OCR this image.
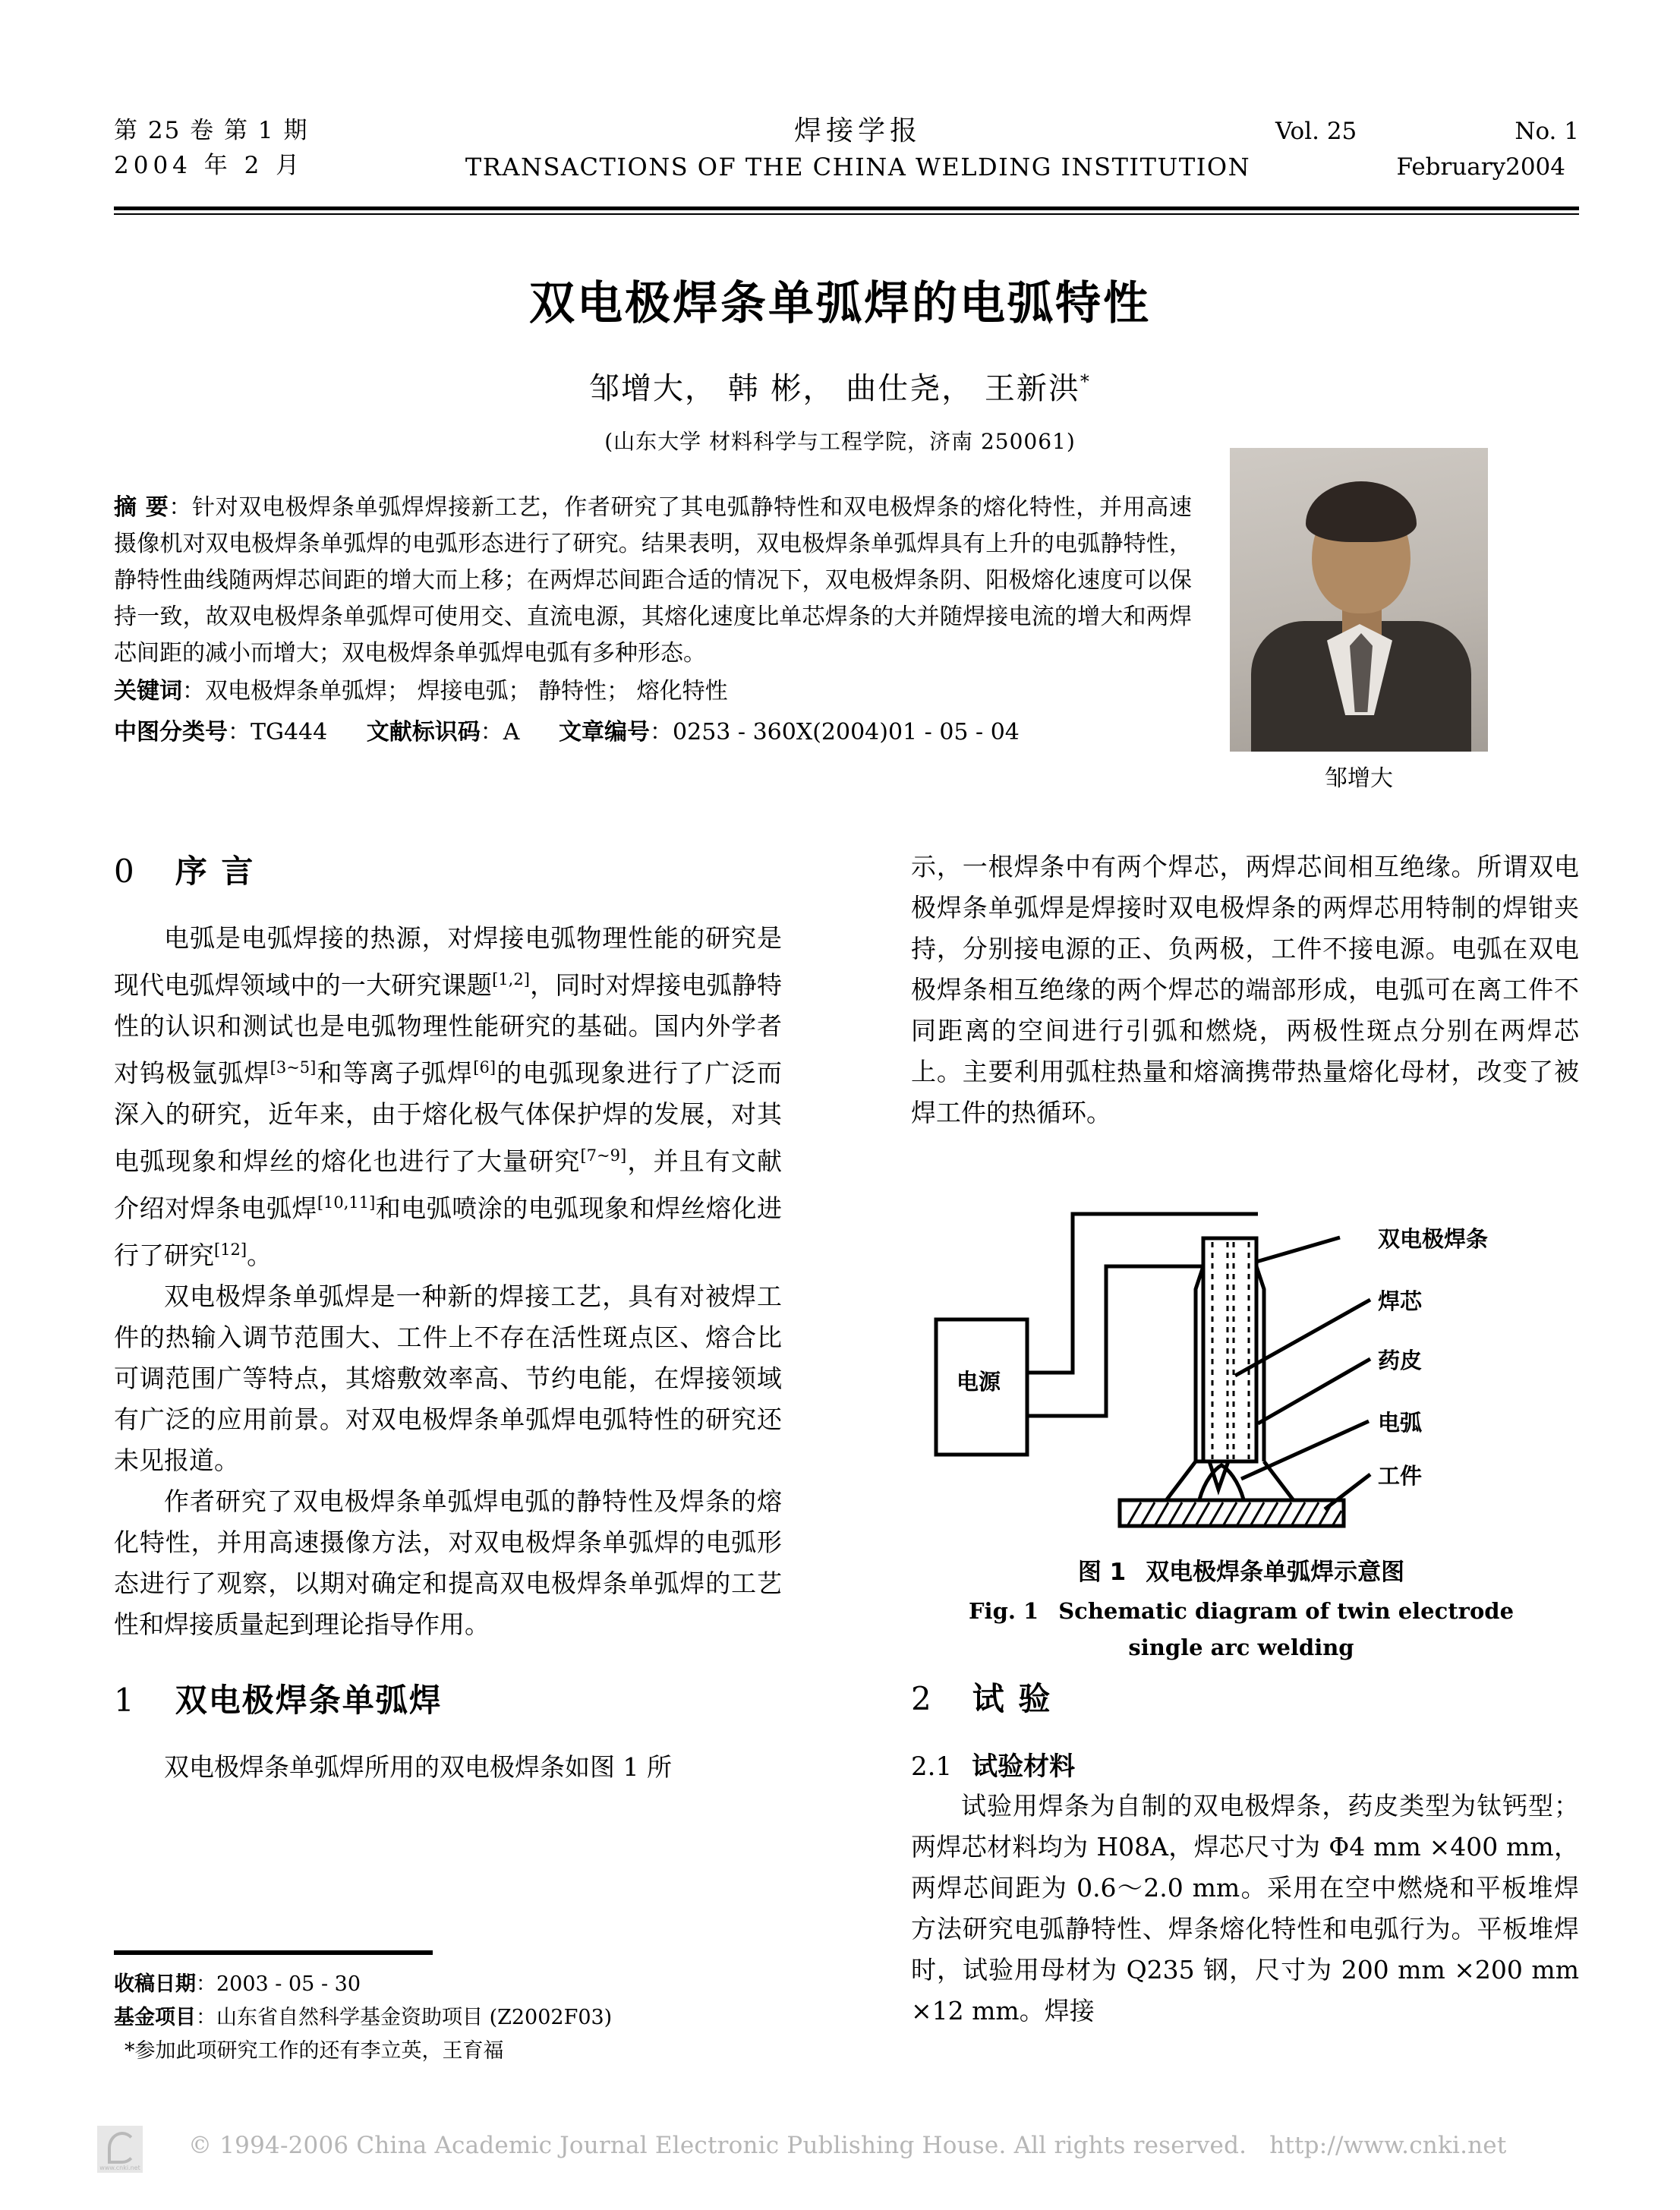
第 25 卷 第 1 期
2004 年 2 月
焊接学报
TRANSACTIONS OF THE CHINA WELDING INSTITUTION
Vol. 25	No. 1
February2004
双电极焊条单弧焊的电弧特性
邹增大， 韩 彬， 曲仕尧， 王新洪*
(山东大学 材料科学与工程学院，济南 250061)
邹增大
摘 要：针对双电极焊条单弧焊焊接新工艺，作者研究了其电弧静特性和双电极焊条的熔化特性，并用高速摄像机对双电极焊条单弧焊的电弧形态进行了研究。结果表明，双电极焊条单弧焊具有上升的电弧静特性，静特性曲线随两焊芯间距的增大而上移；在两焊芯间距合适的情况下，双电极焊条阴、阳极熔化速度可以保持一致，故双电极焊条单弧焊可使用交、直流电源，其熔化速度比单芯焊条的大并随焊接电流的增大和两焊芯间距的减小而增大；双电极焊条单弧焊电弧有多种形态。
关键词：双电极焊条单弧焊； 焊接电弧； 静特性； 熔化特性
中图分类号：TG444 文献标识码：A 文章编号：0253 - 360X(2004)01 - 05 - 04
0 序 言

电弧是电弧焊接的热源，对焊接电弧物理性能的研究是现代电弧焊领域中的一大研究课题[1,2]，同时对焊接电弧静特性的认识和测试也是电弧物理性能研究的基础。国内外学者对钨极氩弧焊[3~5]和等离子弧焊[6]的电弧现象进行了广泛而深入的研究，近年来，由于熔化极气体保护焊的发展，对其电弧现象和焊丝的熔化也进行了大量研究[7~9]，并且有文献介绍对焊条电弧焊[10,11]和电弧喷涂的电弧现象和焊丝熔化进行了研究[12]。

双电极焊条单弧焊是一种新的焊接工艺，具有对被焊工件的热输入调节范围大、工件上不存在活性斑点区、熔合比可调范围广等特点，其熔敷效率高、节约电能，在焊接领域有广泛的应用前景。对双电极焊条单弧焊电弧特性的研究还未见报道。

作者研究了双电极焊条单弧焊电弧的静特性及焊条的熔化特性，并用高速摄像方法，对双电极焊条单弧焊的电弧形态进行了观察，以期对确定和提高双电极焊条单弧焊的工艺性和焊接质量起到理论指导作用。

1 双电极焊条单弧焊

双电极焊条单弧焊所用的双电极焊条如图 1 所

收稿日期：2003 - 05 - 30
基金项目：山东省自然科学基金资助项目 (Z2002F03)
*参加此项研究工作的还有李立英，王育福

示，一根焊条中有两个焊芯，两焊芯间相互绝缘。所谓双电极焊条单弧焊是焊接时双电极焊条的两焊芯用特制的焊钳夹持，分别接电源的正、负两极，工件不接电源。电弧在双电极焊条相互绝缘的两个焊芯的端部形成，电弧可在离工件不同距离的空间进行引弧和燃烧，两极性斑点分别在两焊芯上。主要利用弧柱热量和熔滴携带热量熔化母材，改变了被焊工件的热循环。

电源
双电极焊条
焊芯
药皮
电弧
工件
图 1 双电极焊条单弧焊示意图
Fig. 1 Schematic diagram of twin electrode
single arc welding
2 试 验
2.1 试验材料

试验用焊条为自制的双电极焊条，药皮类型为钛钙型；两焊芯材料均为 H08A，焊芯尺寸为 Φ4 mm ×400 mm，两焊芯间距为 0.6～2.0 mm。采用在空中燃烧和平板堆焊方法研究电弧静特性、焊条熔化特性和电弧行为。平板堆焊时，试验用母材为 Q235 钢，尺寸为 200 mm ×200 mm ×12 mm。焊接

www.cnki.net
© 1994-2006 China Academic Journal Electronic Publishing House. All rights reserved. http://www.cnki.net
